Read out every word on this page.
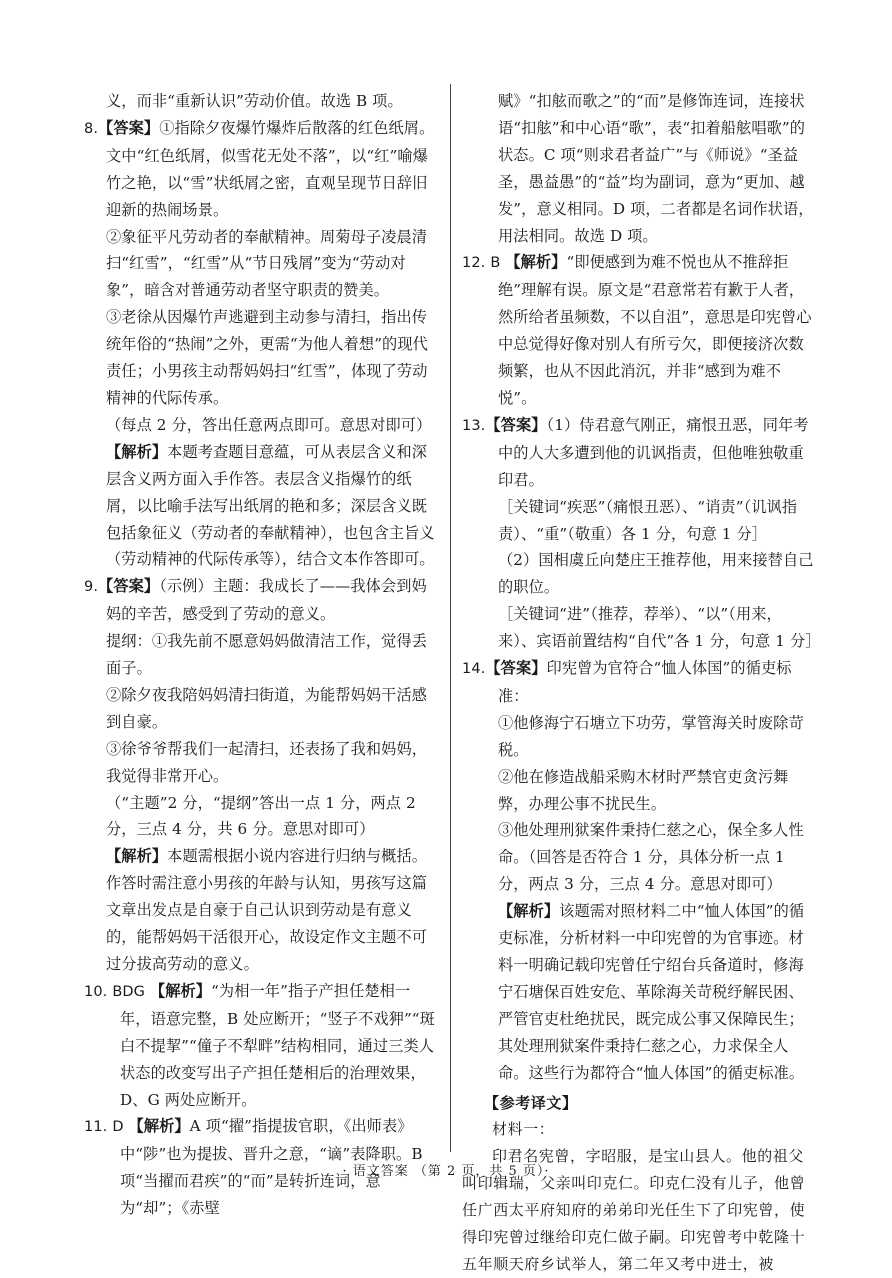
义，而非“重新认识”劳动价值。故选 B 项。

8.【答案】①指除夕夜爆竹爆炸后散落的红色纸屑。文中“红色纸屑，似雪花无处不落”，以“红”喻爆竹之艳，以“雪”状纸屑之密，直观呈现节日辞旧迎新的热闹场景。

②象征平凡劳动者的奉献精神。周菊母子凌晨清扫“红雪”，“红雪”从“节日残屑”变为“劳动对象”，暗含对普通劳动者坚守职责的赞美。

③老徐从因爆竹声逃避到主动参与清扫，指出传统年俗的“热闹”之外，更需“为他人着想”的现代责任；小男孩主动帮妈妈扫“红雪”，体现了劳动精神的代际传承。

（每点 2 分，答出任意两点即可。意思对即可）

【解析】本题考查题目意蕴，可从表层含义和深层含义两方面入手作答。表层含义指爆竹的纸屑，以比喻手法写出纸屑的艳和多；深层含义既包括象征义（劳动者的奉献精神），也包含主旨义（劳动精神的代际传承等），结合文本作答即可。

9.【答案】（示例）主题：我成长了——我体会到妈妈的辛苦，感受到了劳动的意义。

提纲：①我先前不愿意妈妈做清洁工作，觉得丢面子。

②除夕夜我陪妈妈清扫街道，为能帮妈妈干活感到自豪。

③徐爷爷帮我们一起清扫，还表扬了我和妈妈，我觉得非常开心。

（“主题”2 分，“提纲”答出一点 1 分，两点 2 分，三点 4 分，共 6 分。意思对即可）

【解析】本题需根据小说内容进行归纳与概括。作答时需注意小男孩的年龄与认知，男孩写这篇文章出发点是自豪于自己认识到劳动是有意义的，能帮妈妈干活很开心，故设定作文主题不可过分拔高劳动的意义。

10. BDG 【解析】“为相一年”指子产担任楚相一年，语意完整，B 处应断开；“竖子不戏狎”“斑白不提挈”“僮子不犁畔”结构相同，通过三类人状态的改变写出子产担任楚相后的治理效果，D、G 两处应断开。

11. D 【解析】A 项“擢”指提拔官职，《出师表》中“陟”也为提拔、晋升之意，“谪”表降职。B 项“当擢而君疾”的“而”是转折连词，意为“却”；《赤壁

赋》“扣舷而歌之”的“而”是修饰连词，连接状语“扣舷”和中心语“歌”，表“扣着船舷唱歌”的状态。C 项“则求君者益广”与《师说》“圣益圣，愚益愚”的“益”均为副词，意为“更加、越发”，意义相同。D 项，二者都是名词作状语，用法相同。故选 D 项。

12. B 【解析】“即便感到为难不悦也从不推辞拒绝”理解有误。原文是“君意常若有歉于人者，然所给者虽频数，不以自沮”，意思是印宪曾心中总觉得好像对别人有所亏欠，即便接济次数频繁，也从不因此消沉，并非“感到为难不悦”。

13.【答案】（1）侍君意气刚正，痛恨丑恶，同年考中的人大多遭到他的讥讽指责，但他唯独敬重印君。

［关键词“疾恶”（痛恨丑恶）、“诮责”（讥讽指责）、“重”（敬重）各 1 分，句意 1 分］

（2）国相虞丘向楚庄王推荐他，用来接替自己的职位。

［关键词“进”（推荐，荐举）、“以”（用来，来）、宾语前置结构“自代”各 1 分，句意 1 分］

14.【答案】印宪曾为官符合“恤人体国”的循吏标准：

①他修海宁石塘立下功劳，掌管海关时废除苛税。

②他在修造战船采购木材时严禁官吏贪污舞弊，办理公事不扰民生。

③他处理刑狱案件秉持仁慈之心，保全多人性命。（回答是否符合 1 分，具体分析一点 1 分，两点 3 分，三点 4 分。意思对即可）

【解析】该题需对照材料二中“恤人体国”的循吏标准，分析材料一中印宪曾的为官事迹。材料一明确记载印宪曾任宁绍台兵备道时，修海宁石塘保百姓安危、革除海关苛税纾解民困、严管官吏杜绝扰民，既完成公事又保障民生；其处理刑狱案件秉持仁慈之心，力求保全人命。这些行为都符合“恤人体国”的循吏标准。

【参考译文】

材料一：

印君名宪曾，字昭服，是宝山县人。他的祖父叫印辑瑞，父亲叫印克仁。印克仁没有儿子，他曾任广西太平府知府的弟弟印光任生下了印宪曾，使得印宪曾过继给印克仁做子嗣。印宪曾考中乾隆十五年顺天府乡试举人，第二年又考中进士，被

· 语文答案 （第 2 页，共 5 页）·
